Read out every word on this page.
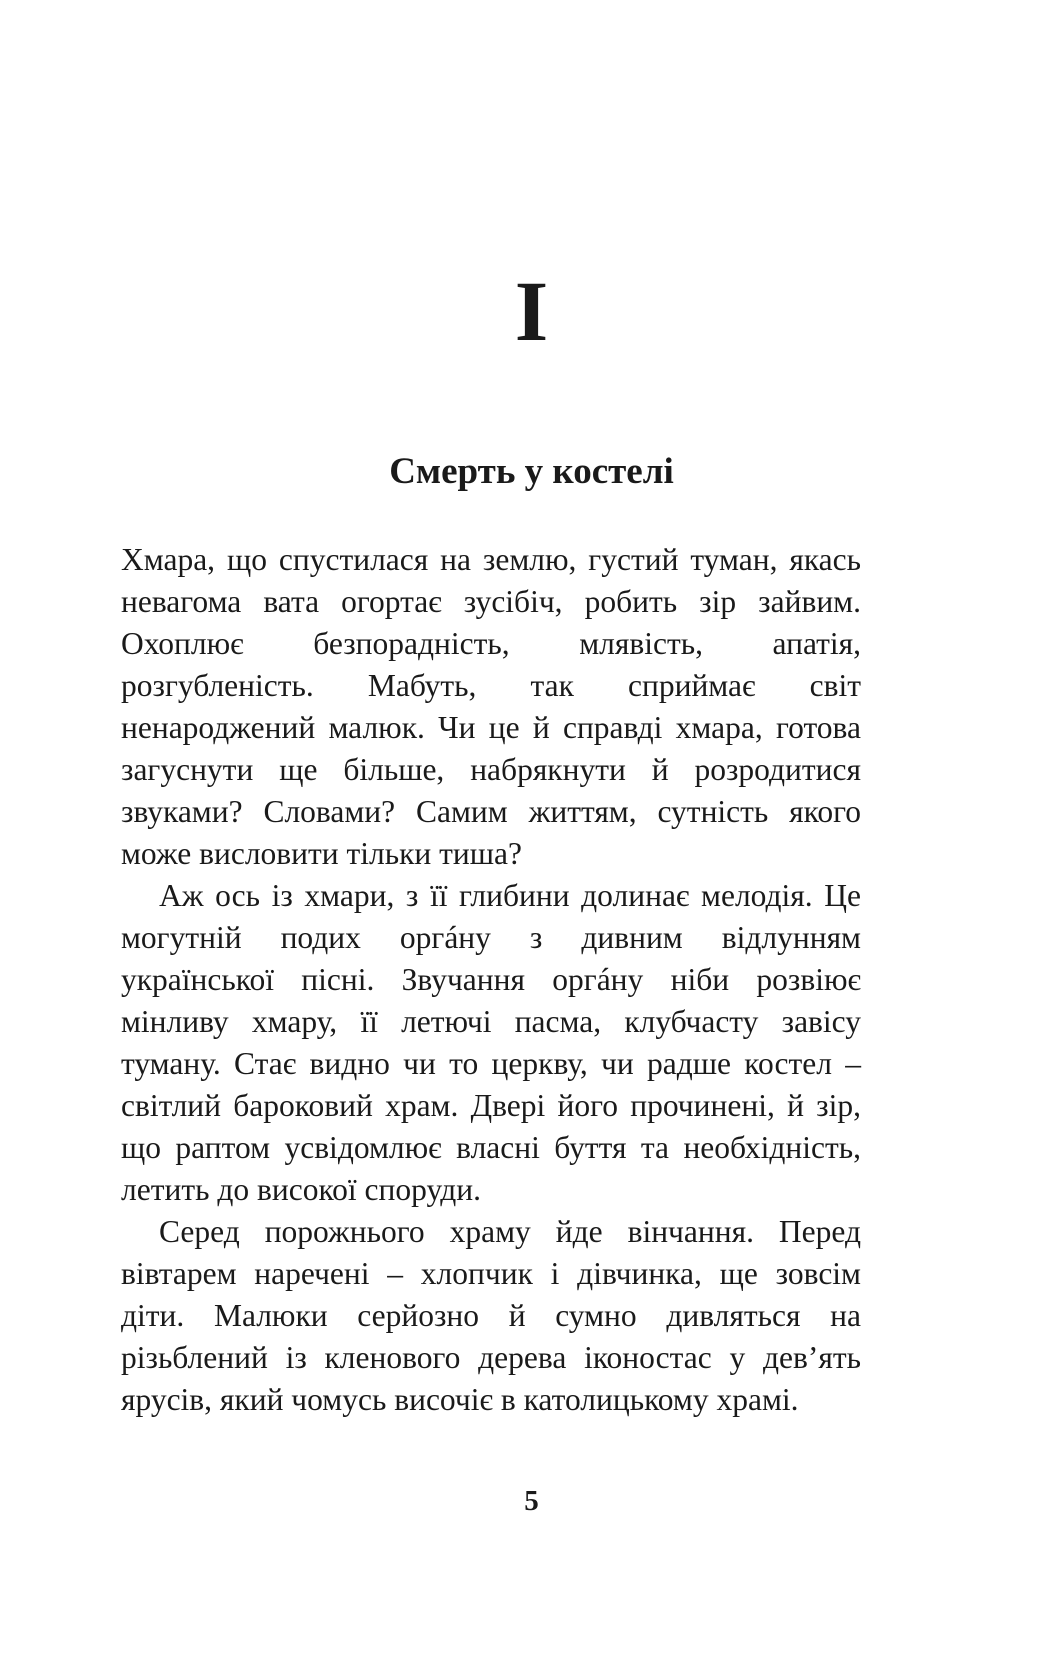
I
Смерть у костелі

Хмара, що спустилася на землю, густий туман, якась невагома вата огортає зусібіч, робить зір зайвим. Охоплює безпорадність, млявість, апатія, розгубленість. Мабуть, так сприймає світ ненароджений малюк. Чи це й справді хмара, готова загуснути ще більше, набрякнути й розродитися звуками? Словами? Самим життям, сутність якого може висловити тільки тиша?

Аж ось із хмари, з її глибини долинає мелодія. Це могутній подих оргáну з дивним відлунням української пісні. Звучання оргáну ніби розвіює мінливу хмару, її летючі пасма, клубчасту завісу туману. Стає видно чи то церкву, чи радше костел – світлий бароковий храм. Двері його прочинені, й зір, що раптом усвідомлює власні буття та необхідність, летить до високої споруди.

Серед порожнього храму йде вінчання. Перед вівтарем наречені – хлопчик і дівчинка, ще зовсім діти. Малюки серйозно й сумно дивляться на різьблений із кленового дерева іконостас у дев’ять ярусів, який чомусь височіє в католицькому храмі.

5
